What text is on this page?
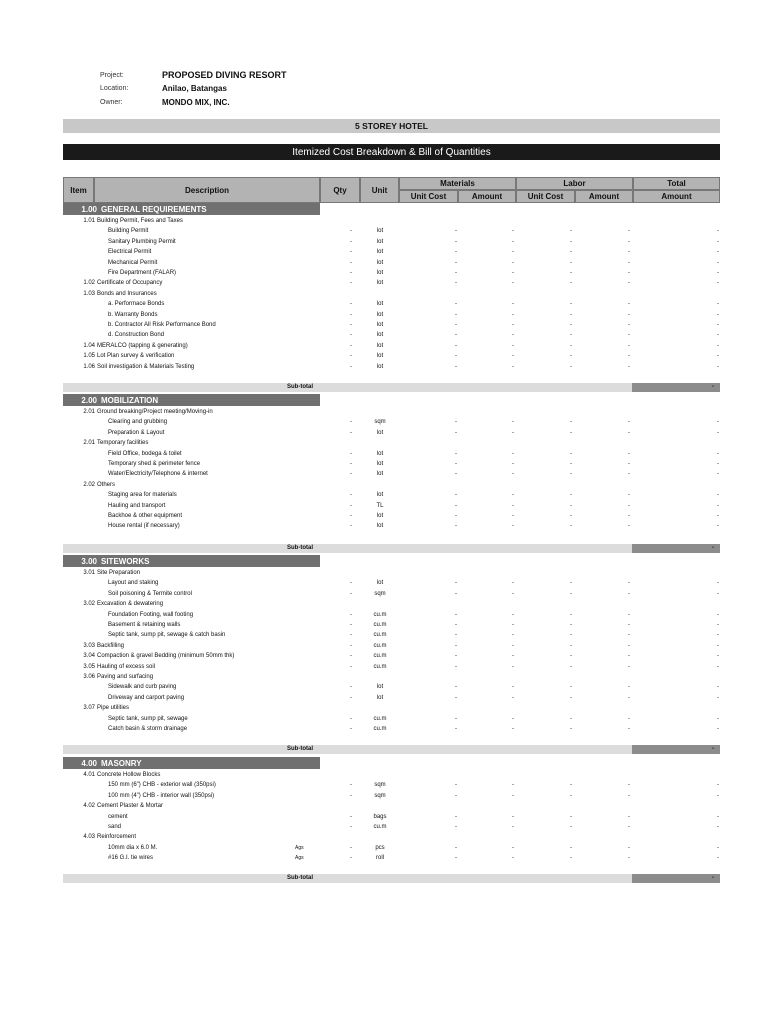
Project:	PROPOSED DIVING RESORT
Location:	Anilao, Batangas
Owner:	MONDO MIX, INC.
5 STOREY HOTEL
Itemized Cost Breakdown & Bill of Quantities
Item	Description	Qty	Unit
Materials	Labor	Total
Unit Cost	Amount	Unit Cost	Amount	Amount
1.00 GENERAL REQUIREMENTS
1.01 Building Permit, Fees and Taxes
Building Permit	-	lot	-	-	-	-	-
Sanitary Plumbing Permit	-	lot	-	-	-	-	-
Electrical Permit	-	lot	-	-	-	-	-
Mechanical Permit	-	lot	-	-	-	-	-
Fire Department (FALAR)	-	lot	-	-	-	-	-
1.02 Certificate of Occupancy	-	lot	-	-	-	-	-
1.03 Bonds and Insurances
a. Performace Bonds	-	lot	-	-	-	-	-
b. Warranty Bonds	-	lot	-	-	-	-	-
b. Contractor All Risk Performance Bond	-	lot	-	-	-	-	-
d. Construction Bond	-	lot	-	-	-	-	-
1.04 MERALCO (tapping & generating)	-	lot	-	-	-	-	-
1.05 Lot Plan survey & verification	-	lot	-	-	-	-	-
1.06 Soil investigation & Materials Testing	-	lot	-	-	-	-	-
Sub-total	-
2.00 MOBILIZATION
2.01 Ground breaking/Project meeting/Moving-in
Clearing and grubbing	-	sqm	-	-	-	-	-
Preparation & Layout	-	lot	-	-	-	-	-
2.01 Temporary facilities
Field Office, bodega & toilet	-	lot	-	-	-	-	-
Temporary shed & perimeter fence	-	lot	-	-	-	-	-
Water/Electricity/Telephone & internet	-	lot	-	-	-	-	-
2.02 Others
Staging area for materials	-	lot	-	-	-	-	-
Hauling and transport	-	TL	-	-	-	-	-
Backhoe & other equipment	-	lot	-	-	-	-	-
House rental (if necessary)	-	lot	-	-	-	-	-
Sub-total	-
3.00 SITEWORKS
3.01 Site Preparation
Layout and staking	-	lot	-	-	-	-	-
Soil poisoning & Termite control	-	sqm	-	-	-	-	-
3.02 Excavation & dewatering
Foundation Footing, wall footing	-	cu.m	-	-	-	-	-
Basement & retaining walls	-	cu.m	-	-	-	-	-
Septic tank, sump pit, sewage & catch basin	-	cu.m	-	-	-	-	-
3.03 Backfilling	-	cu.m	-	-	-	-	-
3.04 Compaction & gravel Bedding (minimum 50mm thk)	-	cu.m	-	-	-	-	-
3.05 Hauling of excess soil	-	cu.m	-	-	-	-	-
3.06 Paving and surfacing
Sidewalk and curb paving	-	lot	-	-	-	-	-
Driveway and carport paving	-	lot	-	-	-	-	-
3.07 Pipe utilities
Septic tank, sump pit, sewage	-	cu.m	-	-	-	-	-
Catch basin & storm drainage	-	cu.m	-	-	-	-	-
Sub-total	-
4.00 MASONRY
4.01 Concrete Hollow Blocks
150 mm (6") CHB - exterior wall (350psi)	-	sqm	-	-	-	-	-
100 mm (4") CHB - interior wall (350psi)	-	sqm	-	-	-	-	-
4.02 Cement Plaster & Mortar
cement	-	bags	-	-	-	-	-
sand	-	cu.m	-	-	-	-	-
4.03 Reinforcement
10mm dia x 6.0 M.	Ags	-	pcs	-	-	-	-	-
#16 G.I. tie wires	Ags	-	roll	-	-	-	-	-
Sub-total	-
